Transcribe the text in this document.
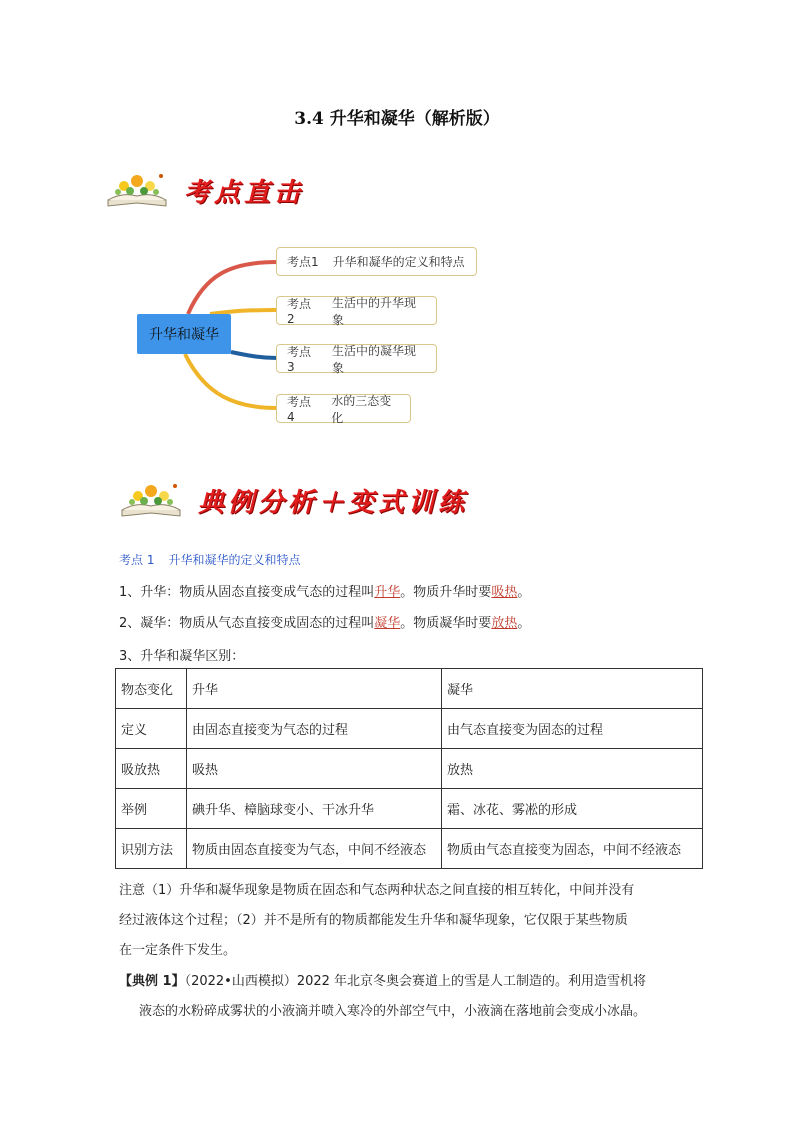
3.4 升华和凝华（解析版）
考点直击
升华和凝华
考点1 升华和凝华的定义和特点
考点2
生活中的升华现象
考点3
生活中的凝华现象
考点4
水的三态变化
典例分析＋变式训练
考点 1 升华和凝华的定义和特点
1、升华：物质从固态直接变成气态的过程叫升华。物质升华时要吸热。
2、凝华：物质从气态直接变成固态的过程叫凝华。物质凝华时要放热。
3、升华和凝华区别：
物态变化	升华	凝华
定义	由固态直接变为气态的过程	由气态直接变为固态的过程
吸放热	吸热	放热
举例	碘升华、樟脑球变小、干冰升华	霜、冰花、雾凇的形成
识别方法	物质由固态直接变为气态，中间不经液态	物质由气态直接变为固态，中间不经液态
注意（1）升华和凝华现象是物质在固态和气态两种状态之间直接的相互转化，中间并没有
经过液体这个过程；（2）并不是所有的物质都能发生升华和凝华现象，它仅限于某些物质
在一定条件下发生。
【典例 1】（2022•山西模拟）2022 年北京冬奥会赛道上的雪是人工制造的。利用造雪机将
液态的水粉碎成雾状的小液滴并喷入寒冷的外部空气中，小液滴在落地前会变成小冰晶。
